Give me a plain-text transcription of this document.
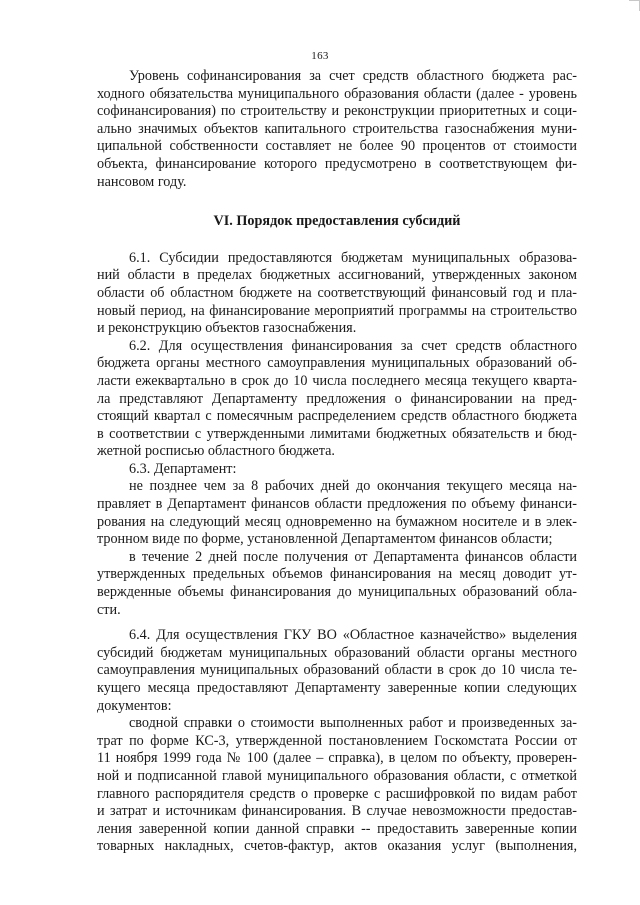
163
Уровень софинансирования за счет средств областного бюджета рас-
ходного обязательства муниципального образования области (далее - уровень
софинансирования) по строительству и реконструкции приоритетных и соци-
ально значимых объектов капитального строительства газоснабжения муни-
ципальной собственности составляет не более 90 процентов от стоимости
объекта, финансирование которого предусмотрено в соответствующем фи-
нансовом году.
VI. Порядок предоставления субсидий
6.1. Субсидии предоставляются бюджетам муниципальных образова-
ний области в пределах бюджетных ассигнований, утвержденных законом
области об областном бюджете на соответствующий финансовый год и пла-
новый период, на финансирование мероприятий программы на строительство
и реконструкцию объектов газоснабжения.
6.2. Для осуществления финансирования за счет средств областного
бюджета органы местного самоуправления муниципальных образований об-
ласти ежеквартально в срок до 10 числа последнего месяца текущего кварта-
ла представляют Департаменту предложения о финансировании на пред-
стоящий квартал с помесячным распределением средств областного бюджета
в соответствии с утвержденными лимитами бюджетных обязательств и бюд-
жетной росписью областного бюджета.
6.3. Департамент:
не позднее чем за 8 рабочих дней до окончания текущего месяца на-
правляет в Департамент финансов области предложения по объему финанси-
рования на следующий месяц одновременно на бумажном носителе и в элек-
тронном виде по форме, установленной Департаментом финансов области;
в течение 2 дней после получения от Департамента финансов области
утвержденных предельных объемов финансирования на месяц доводит ут-
вержденные объемы финансирования до муниципальных образований обла-
сти.
6.4. Для осуществления ГКУ ВО «Областное казначейство» выделения
субсидий бюджетам муниципальных образований области органы местного
самоуправления муниципальных образований области в срок до 10 числа те-
кущего месяца предоставляют Департаменту заверенные копии следующих
документов:
сводной справки о стоимости выполненных работ и произведенных за-
трат по форме КС-3, утвержденной постановлением Госкомстата России от
11 ноября 1999 года № 100 (далее – справка), в целом по объекту, проверен-
ной и подписанной главой муниципального образования области, с отметкой
главного распорядителя средств о проверке с расшифровкой по видам работ
и затрат и источникам финансирования. В случае невозможности предостав-
ления заверенной копии данной справки -- предоставить заверенные копии
товарных накладных, счетов-фактур, актов оказания услуг (выполнения,
